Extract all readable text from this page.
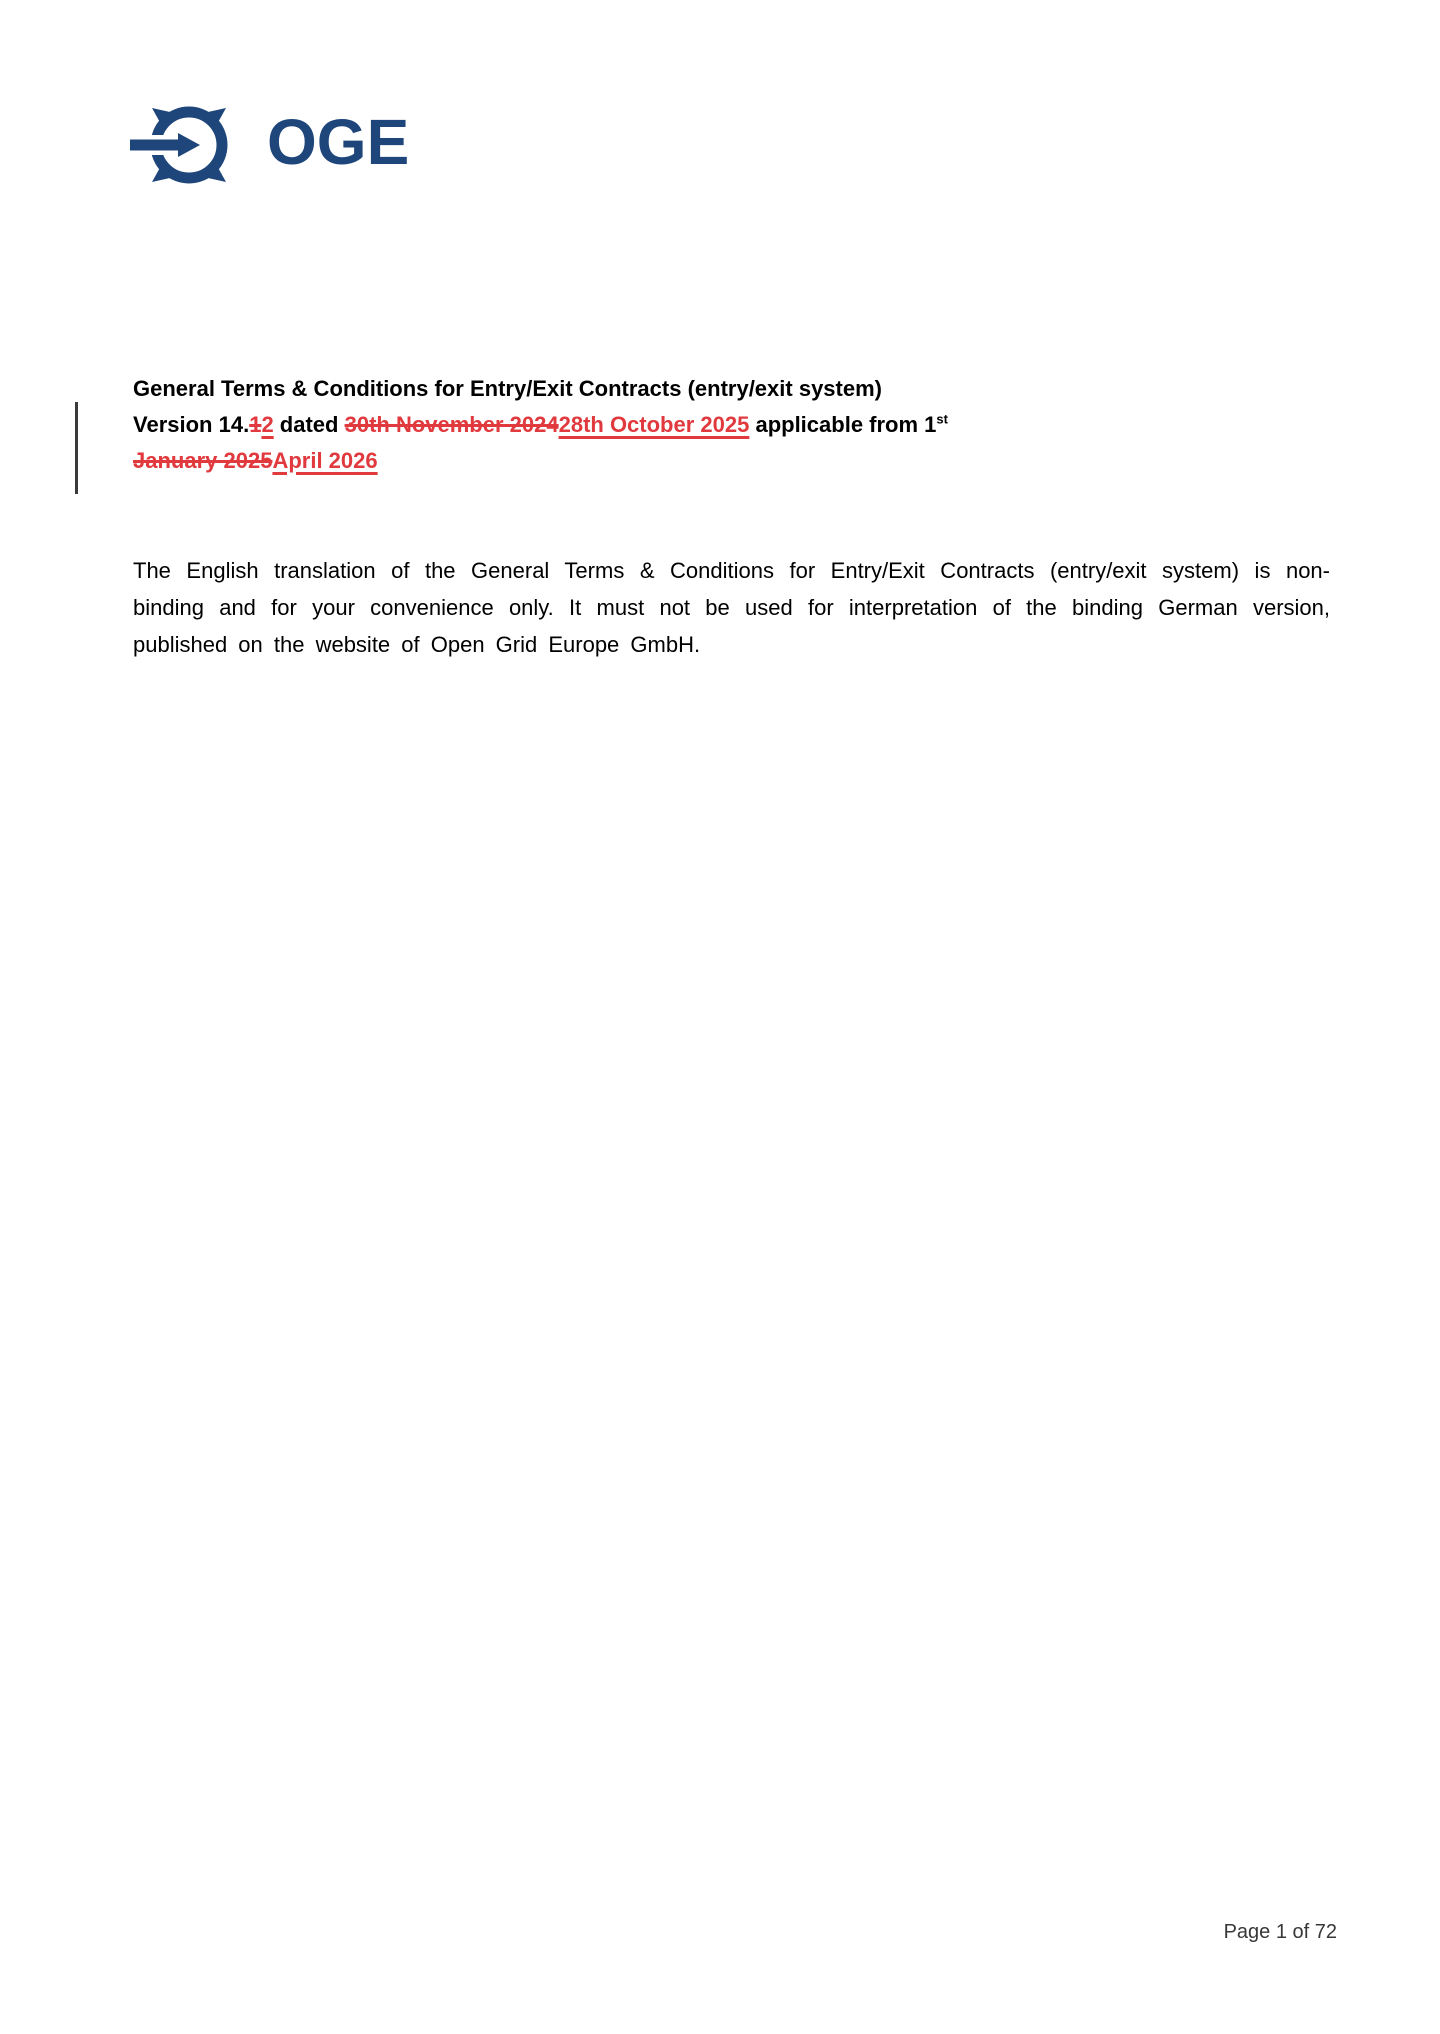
OGE
General Terms & Conditions for Entry/Exit Contracts (entry/exit system)
Version 14.12 dated 30th November 202428th October 2025 applicable from 1st
January 2025April 2026
The English translation of the General Terms & Conditions for Entry/Exit Contracts (entry/exit system) is non-binding and for your convenience only. It must not be used for interpretation of the binding German version, published on the website of Open Grid Europe GmbH.
Page 1 of 72
